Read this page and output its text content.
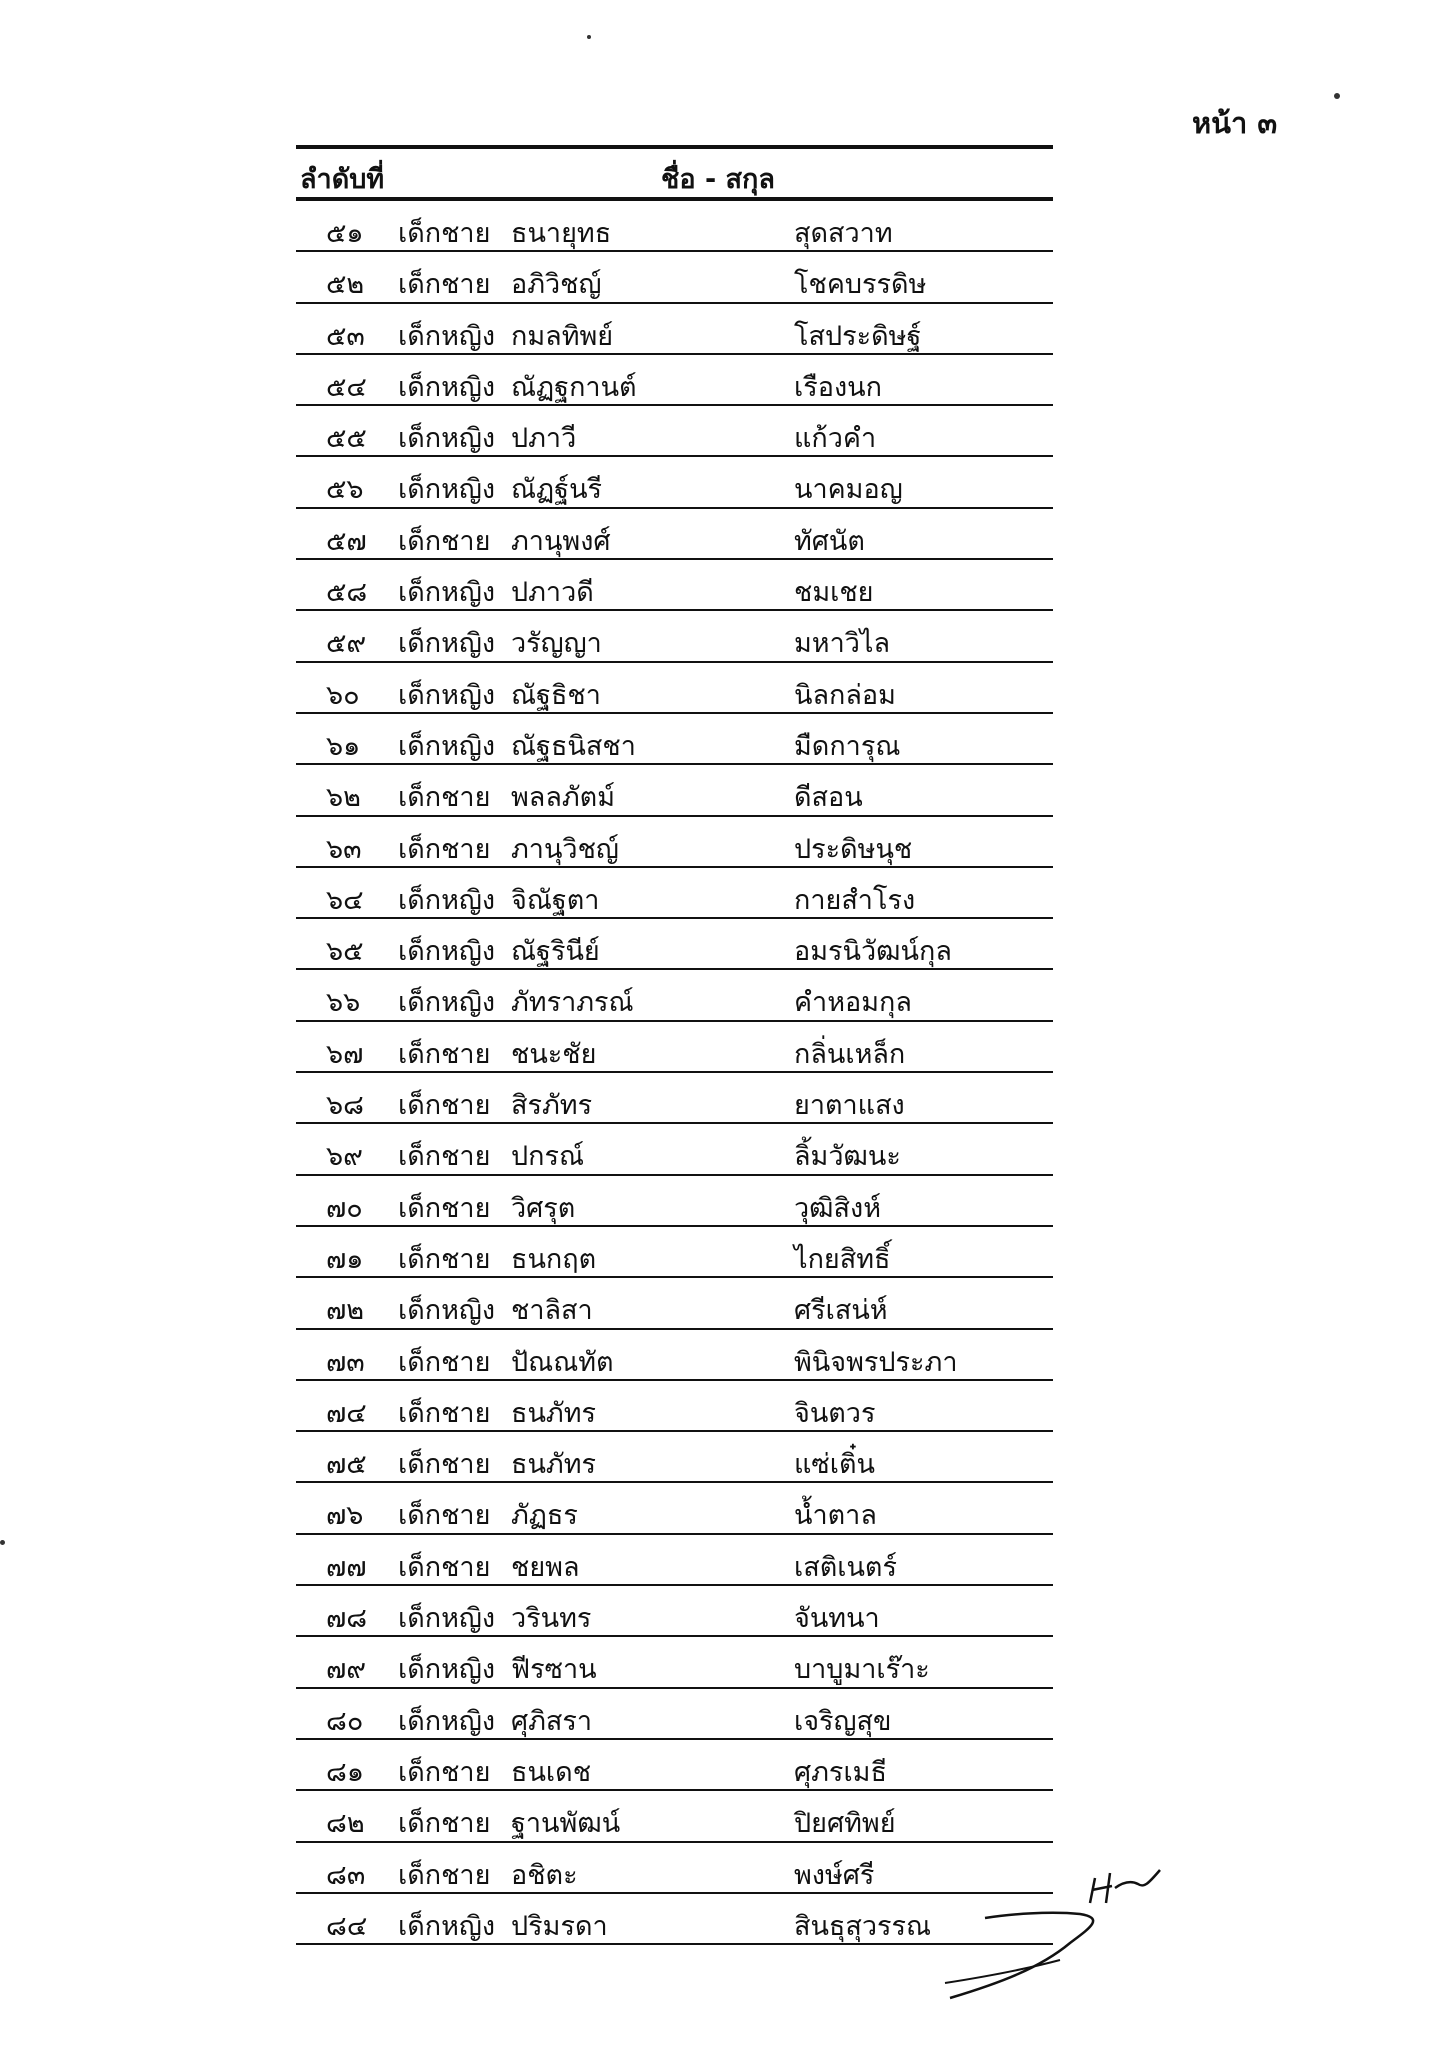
หน้า ๓
ลำดับที่	ชื่อ - สกุล
๕๑ เด็กชาย ธนายุทธ	สุดสวาท
๕๒ เด็กชาย อภิวิชญ์	โชคบรรดิษ
๕๓ เด็กหญิง กมลทิพย์	โสประดิษฐ์
๕๔ เด็กหญิง ณัฏฐกานต์	เรืองนก
๕๕ เด็กหญิง ปภาวี	แก้วคำ
๕๖ เด็กหญิง ณัฏฐ์นรี	นาคมอญ
๕๗ เด็กชาย ภานุพงศ์	ทัศนัต
๕๘ เด็กหญิง ปภาวดี	ชมเชย
๕๙ เด็กหญิง วรัญญา	มหาวิไล
๖๐ เด็กหญิง ณัฐธิชา	นิลกล่อม
๖๑ เด็กหญิง ณัฐธนิสชา	มืดการุณ
๖๒ เด็กชาย พลลภัตม์	ดีสอน
๖๓ เด็กชาย ภานุวิชญ์	ประดิษนุช
๖๔ เด็กหญิง จิณัฐตา	กายสำโรง
๖๕ เด็กหญิง ณัฐรินีย์	อมรนิวัฒน์กุล
๖๖ เด็กหญิง ภัทราภรณ์	คำหอมกุล
๖๗ เด็กชาย ชนะชัย	กลิ่นเหล็ก
๖๘ เด็กชาย สิรภัทร	ยาตาแสง
๖๙ เด็กชาย ปกรณ์	ลิ้มวัฒนะ
๗๐ เด็กชาย วิศรุต	วุฒิสิงห์
๗๑ เด็กชาย ธนกฤต	ไกยสิทธิ์
๗๒ เด็กหญิง ชาลิสา	ศรีเสน่ห์
๗๓ เด็กชาย ปัณณทัต	พินิจพรประภา
๗๔ เด็กชาย ธนภัทร	จินตวร
๗๕ เด็กชาย ธนภัทร	แซ่เติ๋น
๗๖ เด็กชาย ภัฏธร	น้ำตาล
๗๗ เด็กชาย ชยพล	เสติเนตร์
๗๘ เด็กหญิง วรินทร	จันทนา
๗๙ เด็กหญิง ฟีรซาน	บาบูมาเร๊าะ
๘๐ เด็กหญิง ศุภิสรา	เจริญสุข
๘๑ เด็กชาย ธนเดช	ศุภรเมธี
๘๒ เด็กชาย ฐานพัฒน์	ปิยศทิพย์
๘๓ เด็กชาย อชิตะ	พงษ์ศรี
๘๔ เด็กหญิง ปริมรดา	สินธุสุวรรณ
